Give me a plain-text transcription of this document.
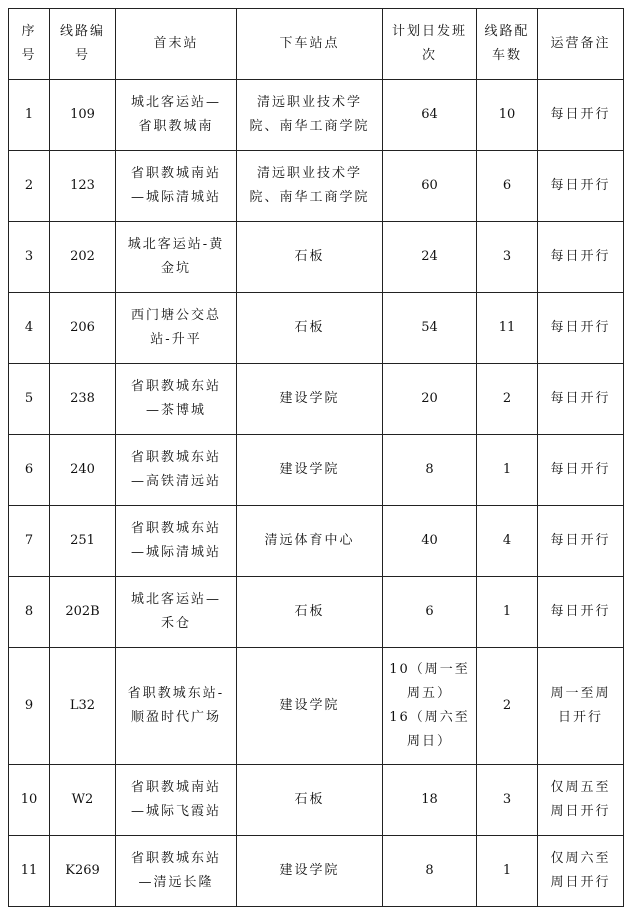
序
号	线路编
号	首末站	下车站点	计划日发班
次	线路配
车数	运营备注
1	109	城北客运站—
省职教城南	清远职业技术学
院、南华工商学院	64	10	每日开行
2	123	省职教城南站
—城际清城站	清远职业技术学
院、南华工商学院	60	6	每日开行
3	202	城北客运站-黄
金坑	石板	24	3	每日开行
4	206	西门塘公交总
站-升平	石板	54	11	每日开行
5	238	省职教城东站
—茶博城	建设学院	20	2	每日开行
6	240	省职教城东站
—高铁清远站	建设学院	8	1	每日开行
7	251	省职教城东站
—城际清城站	清远体育中心	40	4	每日开行
8	202B	城北客运站—
禾仓	石板	6	1	每日开行
9	L32	省职教城东站-
顺盈时代广场	建设学院	10（周一至
周五）
16（周六至
周日）	2	周一至周
日开行
10	W2	省职教城南站
—城际飞霞站	石板	18	3	仅周五至
周日开行
11	K269	省职教城东站
—清远长隆	建设学院	8	1	仅周六至
周日开行
